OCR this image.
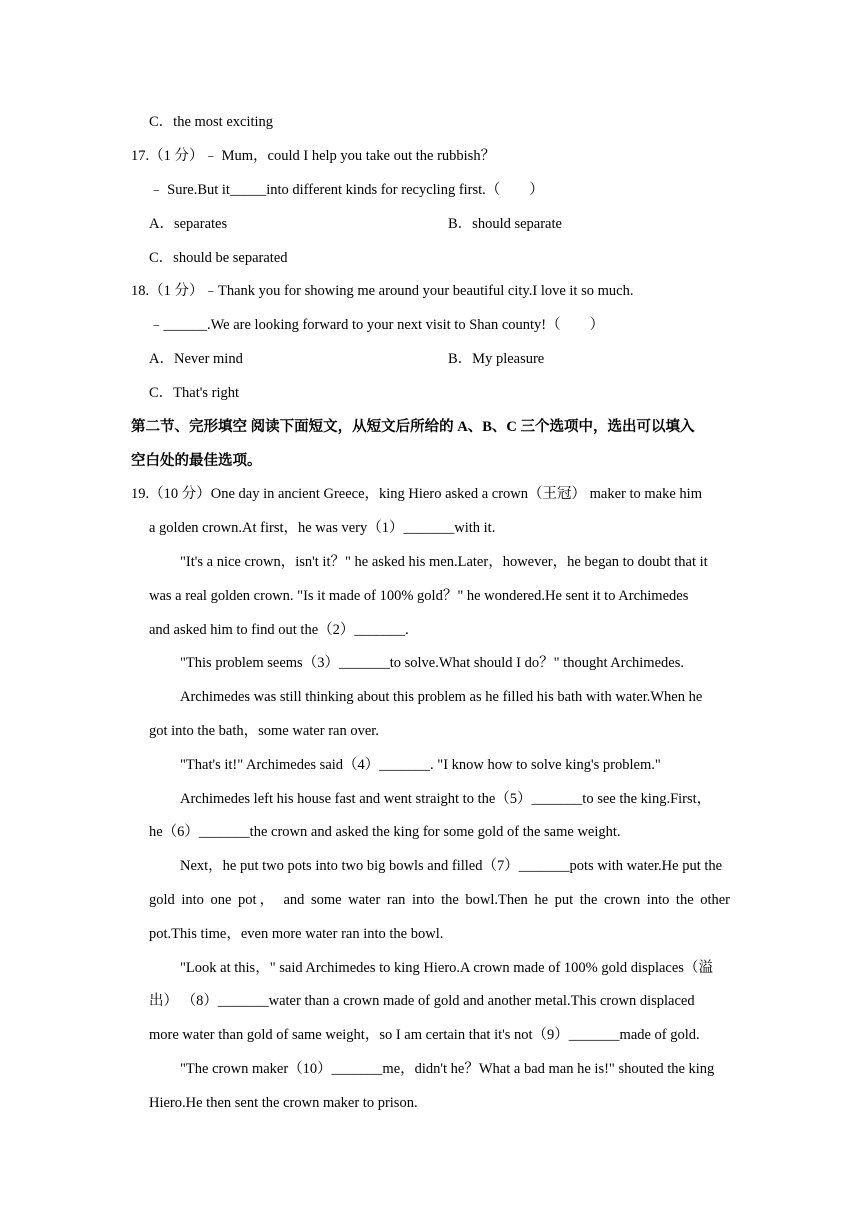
C．the most exciting
17.（1 分）﹣ Mum，could I help you take out the rubbish？
﹣ Sure.But it_____into different kinds for recycling first.（　　）
A．separates	B．should separate
C．should be separated
18.（1 分）﹣Thank you for showing me around your beautiful city.I love it so much.
﹣______.We are looking forward to your next visit to Shan county!（　　）
A．Never mind	B．My pleasure
C．That's right
第二节、完形填空 阅读下面短文，从短文后所给的 A、B、C 三个选项中，选出可以填入
空白处的最佳选项。
19.（10 分）One day in ancient Greece，king Hiero asked a crown（王冠） maker to make him
a golden crown.At first，he was very（1）_______with it.
"It's a nice crown，isn't it？" he asked his men.Later，however，he began to doubt that it
was a real golden crown. "Is it made of 100% gold？" he wondered.He sent it to Archimedes
and asked him to find out the（2）_______.
"This problem seems（3）_______to solve.What should I do？" thought Archimedes.
Archimedes was still thinking about this problem as he filled his bath with water.When he
got into the bath，some water ran over.
"That's it!" Archimedes said（4）_______. "I know how to solve king's problem."
Archimedes left his house fast and went straight to the（5）_______to see the king.First，
he（6）_______the crown and asked the king for some gold of the same weight.
Next，he put two pots into two big bowls and filled（7）_______pots with water.He put the
gold into one pot， and some water ran into the bowl.Then he put the crown into the other
pot.This time，even more water ran into the bowl.
"Look at this，" said Archimedes to king Hiero.A crown made of 100% gold displaces（溢
出） （8）_______water than a crown made of gold and another metal.This crown displaced
more water than gold of same weight，so I am certain that it's not（9）_______made of gold.
"The crown maker（10）_______me，didn't he？What a bad man he is!" shouted the king
Hiero.He then sent the crown maker to prison.
